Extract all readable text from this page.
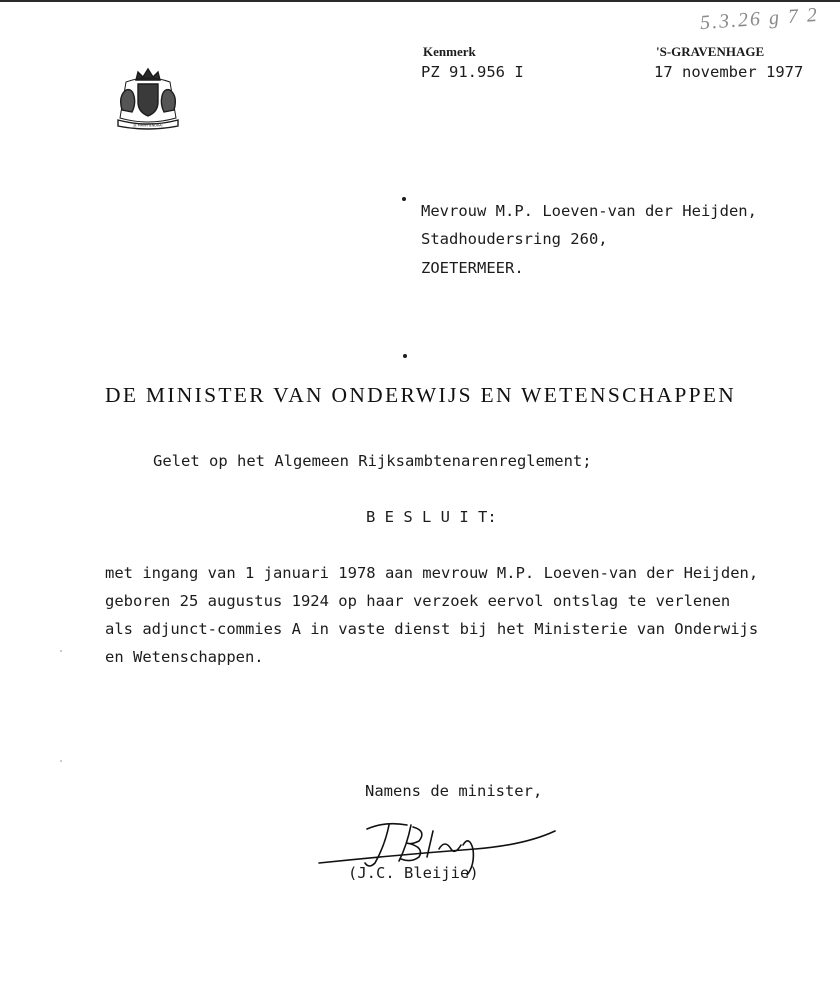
5.3.26 g 7 2
Kenmerk
PZ 91.956 I
'S-GRAVENHAGE
17 november 1977
JE MAINTIENDRAI
Mevrouw M.P. Loeven-van der Heijden,
Stadhoudersring 260,
ZOETERMEER.
DE MINISTER VAN ONDERWIJS EN WETENSCHAPPEN
Gelet op het Algemeen Rijksambtenarenreglement;
B E S L U I T:
met ingang van 1 januari 1978 aan mevrouw M.P. Loeven-van der Heijden,
geboren 25 augustus 1924 op haar verzoek eervol ontslag te verlenen
als adjunct-commies A in vaste dienst bij het Ministerie van Onderwijs
en Wetenschappen.
Namens de minister,
J. Bleij
(J.C. Bleijie)
